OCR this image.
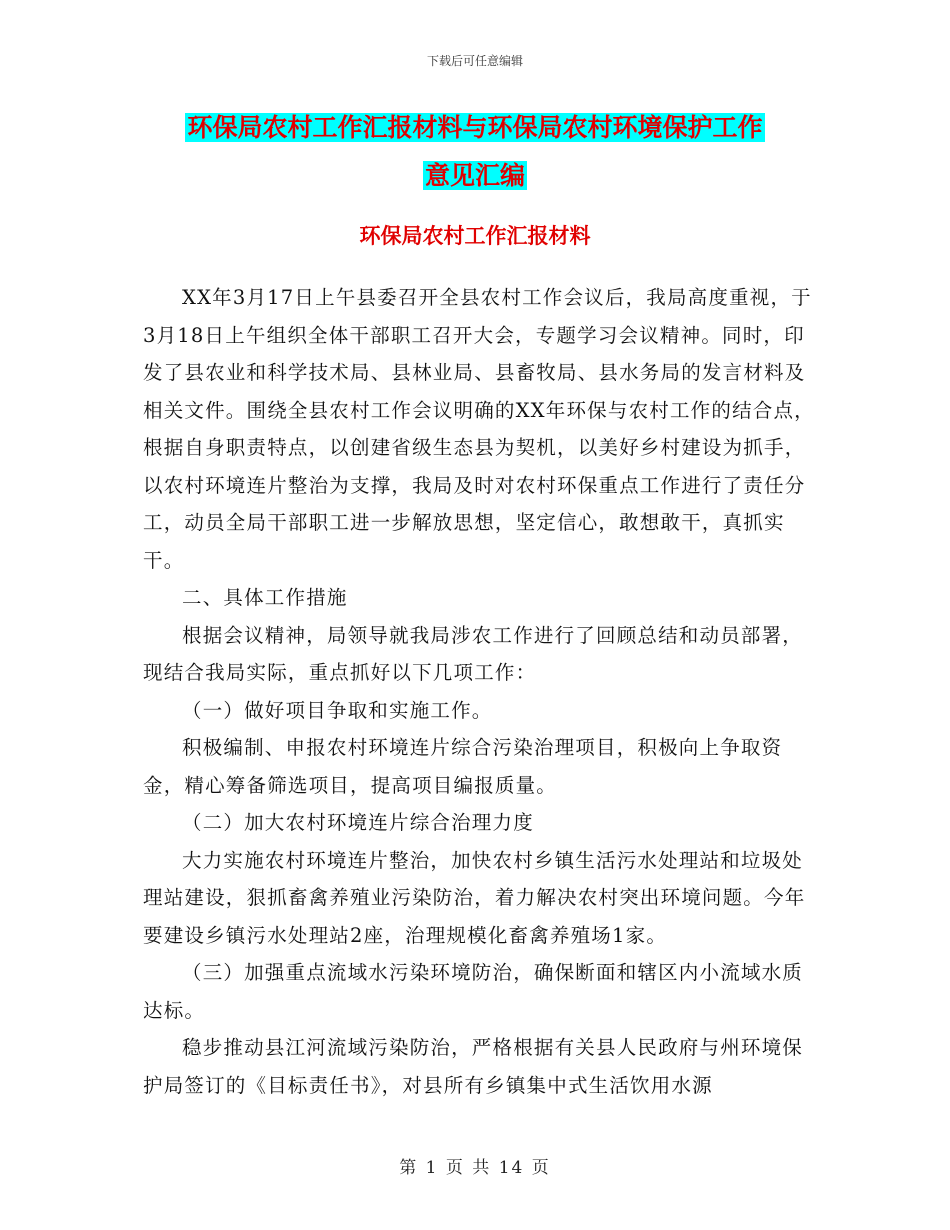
下载后可任意编辑
环保局农村工作汇报材料与环保局农村环境保护工作
意见汇编
环保局农村工作汇报材料

XX年3月17日上午县委召开全县农村工作会议后，我局高度重视，于3月18日上午组织全体干部职工召开大会，专题学习会议精神。同时，印发了县农业和科学技术局、县林业局、县畜牧局、县水务局的发言材料及相关文件。围绕全县农村工作会议明确的XX年环保与农村工作的结合点，根据自身职责特点，以创建省级生态县为契机，以美好乡村建设为抓手，以农村环境连片整治为支撑，我局及时对农村环保重点工作进行了责任分工，动员全局干部职工进一步解放思想，坚定信心，敢想敢干，真抓实干。

二、具体工作措施

根据会议精神，局领导就我局涉农工作进行了回顾总结和动员部署，现结合我局实际，重点抓好以下几项工作：

（一）做好项目争取和实施工作。

积极编制、申报农村环境连片综合污染治理项目，积极向上争取资金，精心筹备筛选项目，提高项目编报质量。

（二）加大农村环境连片综合治理力度

大力实施农村环境连片整治，加快农村乡镇生活污水处理站和垃圾处理站建设，狠抓畜禽养殖业污染防治，着力解决农村突出环境问题。今年要建设乡镇污水处理站2座，治理规模化畜禽养殖场1家。

（三）加强重点流域水污染环境防治，确保断面和辖区内小流域水质达标。

稳步推动县江河流域污染防治，严格根据有关县人民政府与州环境保护局签订的《目标责任书》，对县所有乡镇集中式生活饮用水源

第 1 页 共 14 页
